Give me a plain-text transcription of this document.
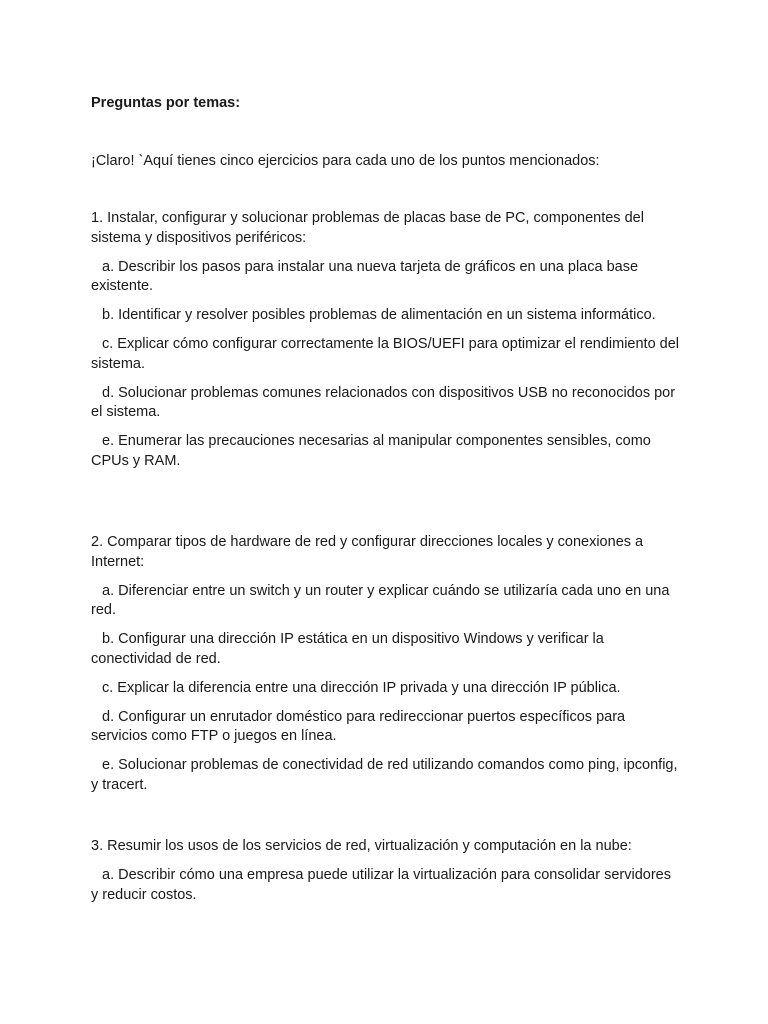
Preguntas por temas:
¡Claro! `Aquí tienes cinco ejercicios para cada uno de los puntos mencionados:

1. Instalar, configurar y solucionar problemas de placas base de PC, componentes del sistema y dispositivos periféricos:

a. Describir los pasos para instalar una nueva tarjeta de gráficos en una placa base existente.

b. Identificar y resolver posibles problemas de alimentación en un sistema informático.

c. Explicar cómo configurar correctamente la BIOS/UEFI para optimizar el rendimiento del sistema.

d. Solucionar problemas comunes relacionados con dispositivos USB no reconocidos por el sistema.

e. Enumerar las precauciones necesarias al manipular componentes sensibles, como CPUs y RAM.

2. Comparar tipos de hardware de red y configurar direcciones locales y conexiones a Internet:

a. Diferenciar entre un switch y un router y explicar cuándo se utilizaría cada uno en una red.

b. Configurar una dirección IP estática en un dispositivo Windows y verificar la conectividad de red.

c. Explicar la diferencia entre una dirección IP privada y una dirección IP pública.

d. Configurar un enrutador doméstico para redireccionar puertos específicos para servicios como FTP o juegos en línea.

e. Solucionar problemas de conectividad de red utilizando comandos como ping, ipconfig, y tracert.

3. Resumir los usos de los servicios de red, virtualización y computación en la nube:

a. Describir cómo una empresa puede utilizar la virtualización para consolidar servidores y reducir costos.
